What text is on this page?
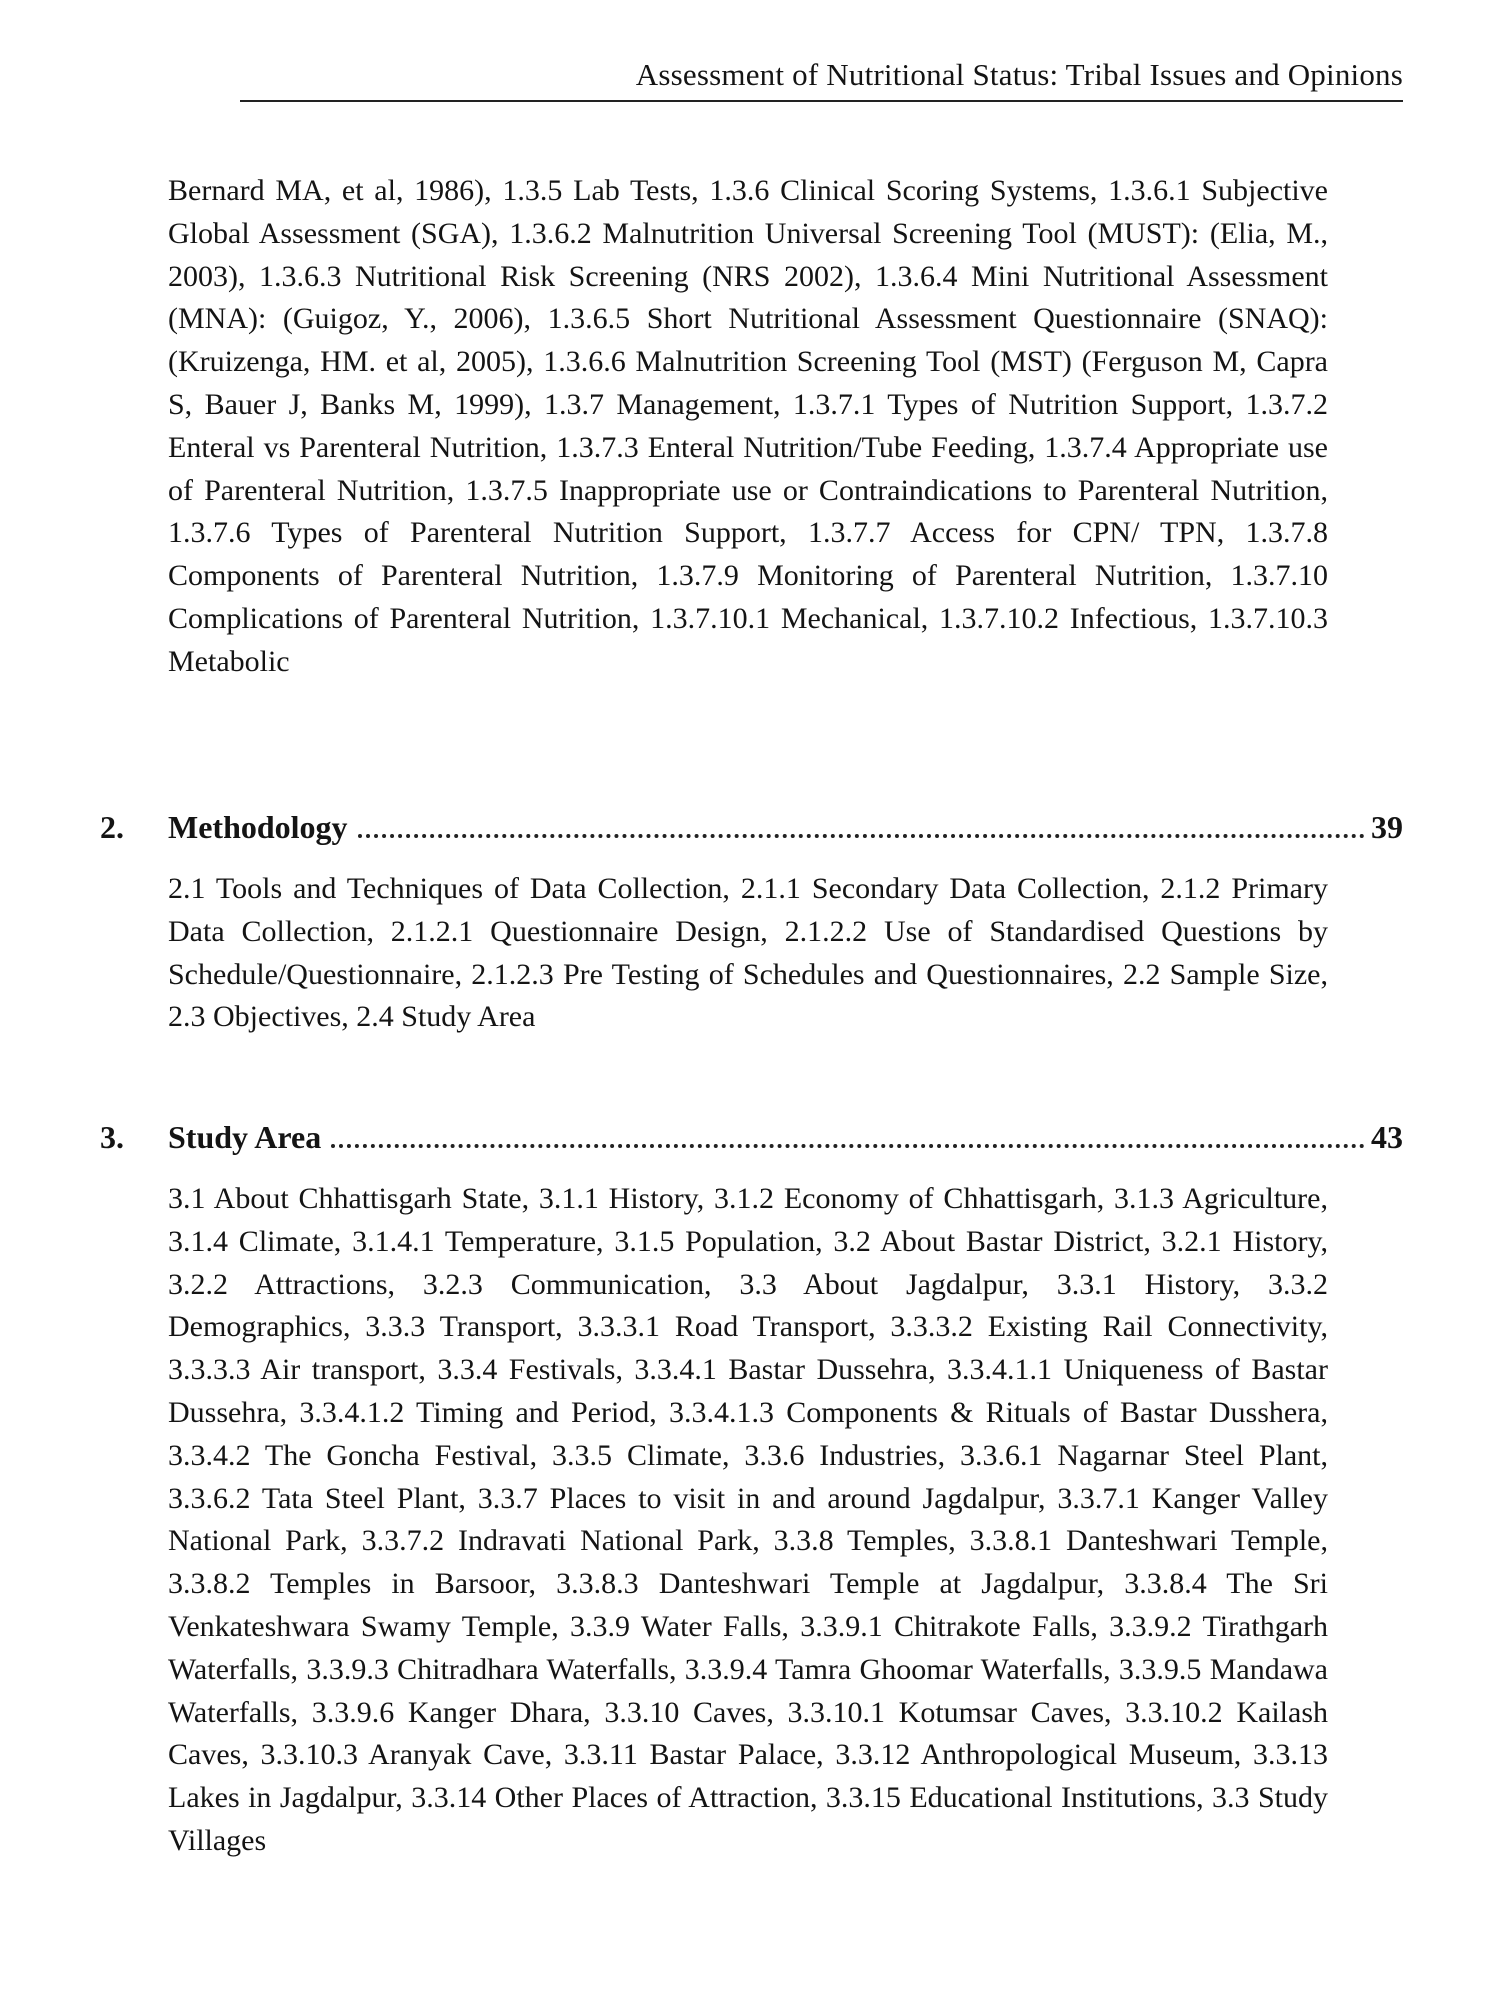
Assessment of Nutritional Status: Tribal Issues and Opinions

Bernard MA, et al, 1986), 1.3.5 Lab Tests, 1.3.6 Clinical Scoring Systems, 1.3.6.1 Subjective Global Assessment (SGA), 1.3.6.2 Malnutrition Universal Screening Tool (MUST): (Elia, M., 2003), 1.3.6.3 Nutritional Risk Screening (NRS 2002), 1.3.6.4 Mini Nutritional Assessment (MNA): (Guigoz, Y., 2006), 1.3.6.5 Short Nutritional Assessment Questionnaire (SNAQ): (Kruizenga, HM. et al, 2005), 1.3.6.6 Malnutrition Screening Tool (MST) (Ferguson M, Capra S, Bauer J, Banks M, 1999), 1.3.7 Management, 1.3.7.1 Types of Nutrition Support, 1.3.7.2 Enteral vs Parenteral Nutrition, 1.3.7.3 Enteral Nutrition/Tube Feeding, 1.3.7.4 Appropriate use of Parenteral Nutrition, 1.3.7.5 Inappropriate use or Contraindications to Parenteral Nutrition, 1.3.7.6 Types of Parenteral Nutrition Support, 1.3.7.7 Access for CPN/ TPN, 1.3.7.8 Components of Parenteral Nutrition, 1.3.7.9 Monitoring of Parenteral Nutrition, 1.3.7.10 Complications of Parenteral Nutrition, 1.3.7.10.1 Mechanical, 1.3.7.10.2 Infectious, 1.3.7.10.3 Metabolic

2.	Methodology	39

2.1 Tools and Techniques of Data Collection, 2.1.1 Secondary Data Collection, 2.1.2 Primary Data Collection, 2.1.2.1 Questionnaire Design, 2.1.2.2 Use of Standardised Questions by Schedule/Questionnaire, 2.1.2.3 Pre Testing of Schedules and Questionnaires, 2.2 Sample Size, 2.3 Objectives, 2.4 Study Area

3.	Study Area	43

3.1 About Chhattisgarh State, 3.1.1 History, 3.1.2 Economy of Chhattisgarh, 3.1.3 Agriculture, 3.1.4 Climate, 3.1.4.1 Temperature, 3.1.5 Population, 3.2 About Bastar District, 3.2.1 History, 3.2.2 Attractions, 3.2.3 Communication, 3.3 About Jagdalpur, 3.3.1 History, 3.3.2 Demographics, 3.3.3 Transport, 3.3.3.1 Road Transport, 3.3.3.2 Existing Rail Connectivity, 3.3.3.3 Air transport, 3.3.4 Festivals, 3.3.4.1 Bastar Dussehra, 3.3.4.1.1 Uniqueness of Bastar Dussehra, 3.3.4.1.2 Timing and Period, 3.3.4.1.3 Components & Rituals of Bastar Dusshera, 3.3.4.2 The Goncha Festival, 3.3.5 Climate, 3.3.6 Industries, 3.3.6.1 Nagarnar Steel Plant, 3.3.6.2 Tata Steel Plant, 3.3.7 Places to visit in and around Jagdalpur, 3.3.7.1 Kanger Valley National Park, 3.3.7.2 Indravati National Park, 3.3.8 Temples, 3.3.8.1 Danteshwari Temple, 3.3.8.2 Temples in Barsoor, 3.3.8.3 Danteshwari Temple at Jagdalpur, 3.3.8.4 The Sri Venkateshwara Swamy Temple, 3.3.9 Water Falls, 3.3.9.1 Chitrakote Falls, 3.3.9.2 Tirathgarh Waterfalls, 3.3.9.3 Chitradhara Waterfalls, 3.3.9.4 Tamra Ghoomar Waterfalls, 3.3.9.5 Mandawa Waterfalls, 3.3.9.6 Kanger Dhara, 3.3.10 Caves, 3.3.10.1 Kotumsar Caves, 3.3.10.2 Kailash Caves, 3.3.10.3 Aranyak Cave, 3.3.11 Bastar Palace, 3.3.12 Anthropological Museum, 3.3.13 Lakes in Jagdalpur, 3.3.14 Other Places of Attraction, 3.3.15 Educational Institutions, 3.3 Study Villages
